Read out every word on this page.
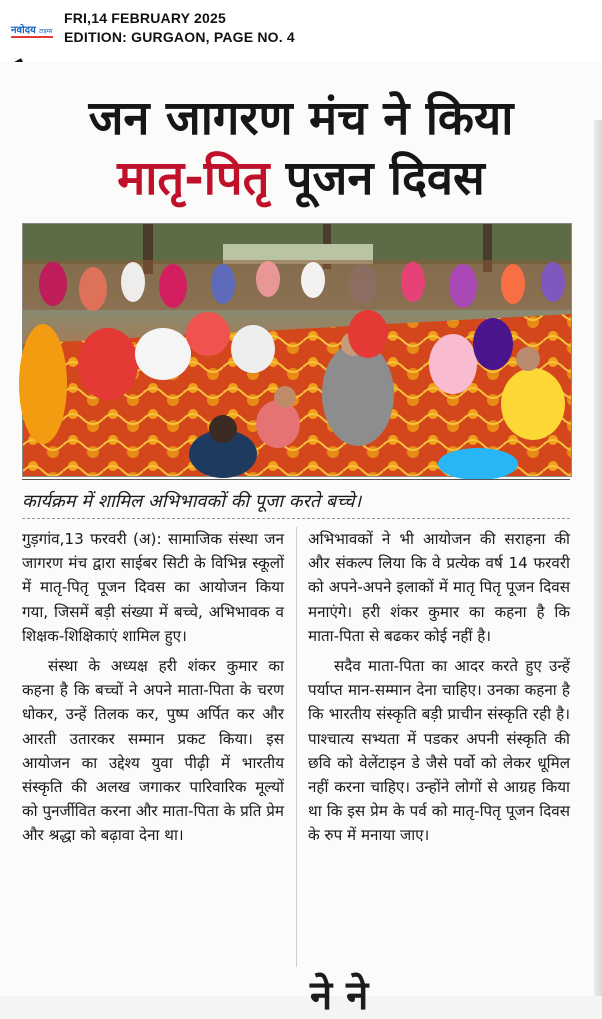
नवोदय टाइम्स
FRI,14 FEBRUARY 2025
EDITION: GURGAON, PAGE NO. 4
जन जागरण मंच ने किया
मातृ-पितृ पूजन दिवस
कार्यक्रम में शामिल अभिभावकों की पूजा करते बच्चे।

गुड़गांव,13 फरवरी (अ): सामाजिक संस्था जन जागरण मंच द्वारा साईबर सिटी के विभिन्न स्कूलों में मातृ-पितृ पूजन दिवस का आयोजन किया गया, जिसमें बड़ी संख्या में बच्चे, अभिभावक व शिक्षक-शिक्षिकाएं शामिल हुए।

संस्था के अध्यक्ष हरी शंकर कुमार का कहना है कि बच्चों ने अपने माता-पिता के चरण धोकर, उन्हें तिलक कर, पुष्प अर्पित कर और आरती उतारकर सम्मान प्रकट किया। इस आयोजन का उद्देश्य युवा पीढ़ी में भारतीय संस्कृति की अलख जगाकर पारिवारिक मूल्यों को पुनर्जीवित करना और माता-पिता के प्रति प्रेम और श्रद्धा को बढ़ावा देना था।

अभिभावकों ने भी आयोजन की सराहना की और संकल्प लिया कि वे प्रत्येक वर्ष 14 फरवरी को अपने-अपने इलाकों में मातृ पितृ पूजन दिवस मनाएंगे। हरी शंकर कुमार का कहना है कि माता-पिता से बढकर कोई नहीं है।

सदैव माता-पिता का आदर करते हुए उन्हें पर्याप्त मान-सम्मान देना चाहिए। उनका कहना है कि भारतीय संस्कृति बड़ी प्राचीन संस्कृति रही है। पाश्चात्य सभ्यता में पडकर अपनी संस्कृति की छवि को वेलेंटाइन डे जैसे पर्वो को लेकर धूमिल नहीं करना चाहिए। उन्होंने लोगों से आग्रह किया था कि इस प्रेम के पर्व को मातृ-पितृ पूजन दिवस के रुप में मनाया जाए।

ने ने
